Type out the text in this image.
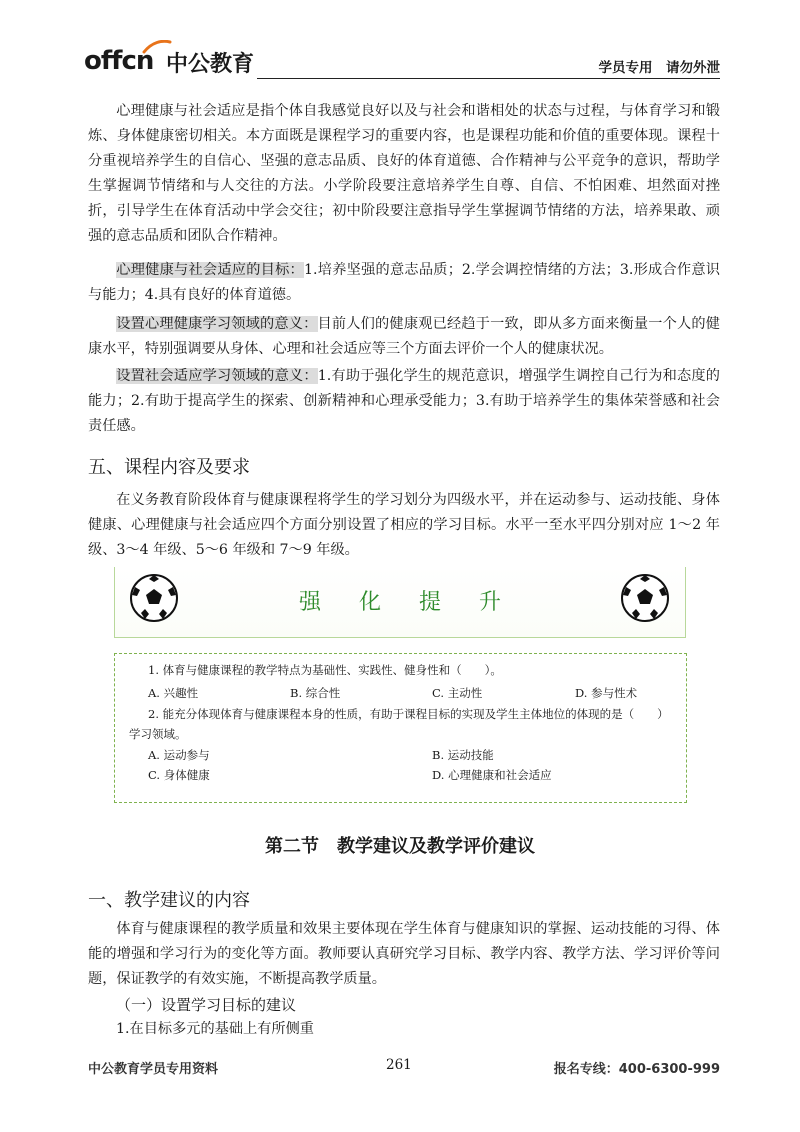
offcn 中公教育	学员专用　请勿外泄
心理健康与社会适应是指个体自我感觉良好以及与社会和谐相处的状态与过程，与体育学习和锻炼、身体健康密切相关。本方面既是课程学习的重要内容，也是课程功能和价值的重要体现。课程十分重视培养学生的自信心、坚强的意志品质、良好的体育道德、合作精神与公平竞争的意识，帮助学生掌握调节情绪和与人交往的方法。小学阶段要注意培养学生自尊、自信、不怕困难、坦然面对挫折，引导学生在体育活动中学会交往；初中阶段要注意指导学生掌握调节情绪的方法，培养果敢、顽强的意志品质和团队合作精神。
心理健康与社会适应的目标：1.培养坚强的意志品质；2.学会调控情绪的方法；3.形成合作意识与能力；4.具有良好的体育道德。
设置心理健康学习领域的意义：目前人们的健康观已经趋于一致，即从多方面来衡量一个人的健康水平，特别强调要从身体、心理和社会适应等三个方面去评价一个人的健康状况。
设置社会适应学习领域的意义：1.有助于强化学生的规范意识，增强学生调控自己行为和态度的能力；2.有助于提高学生的探索、创新精神和心理承受能力；3.有助于培养学生的集体荣誉感和社会责任感。
五、课程内容及要求
在义务教育阶段体育与健康课程将学生的学习划分为四级水平，并在运动参与、运动技能、身体健康、心理健康与社会适应四个方面分别设置了相应的学习目标。水平一至水平四分别对应 1～2 年级、3～4 年级、5～6 年级和 7～9 年级。
强化提升
1. 体育与健康课程的教学特点为基础性、实践性、健身性和（　　）。
A. 兴趣性	B. 综合性	C. 主动性	D. 参与性术
2. 能充分体现体育与健康课程本身的性质，有助于课程目标的实现及学生主体地位的体现的是（　　）
学习领域。
A. 运动参与	B. 运动技能
C. 身体健康	D. 心理健康和社会适应
第二节　教学建议及教学评价建议
一、教学建议的内容
体育与健康课程的教学质量和效果主要体现在学生体育与健康知识的掌握、运动技能的习得、体能的增强和学习行为的变化等方面。教师要认真研究学习目标、教学内容、教学方法、学习评价等问题，保证教学的有效实施，不断提高教学质量。
（一）设置学习目标的建议
1.在目标多元的基础上有所侧重
中公教育学员专用资料	261	报名专线：400-6300-999
